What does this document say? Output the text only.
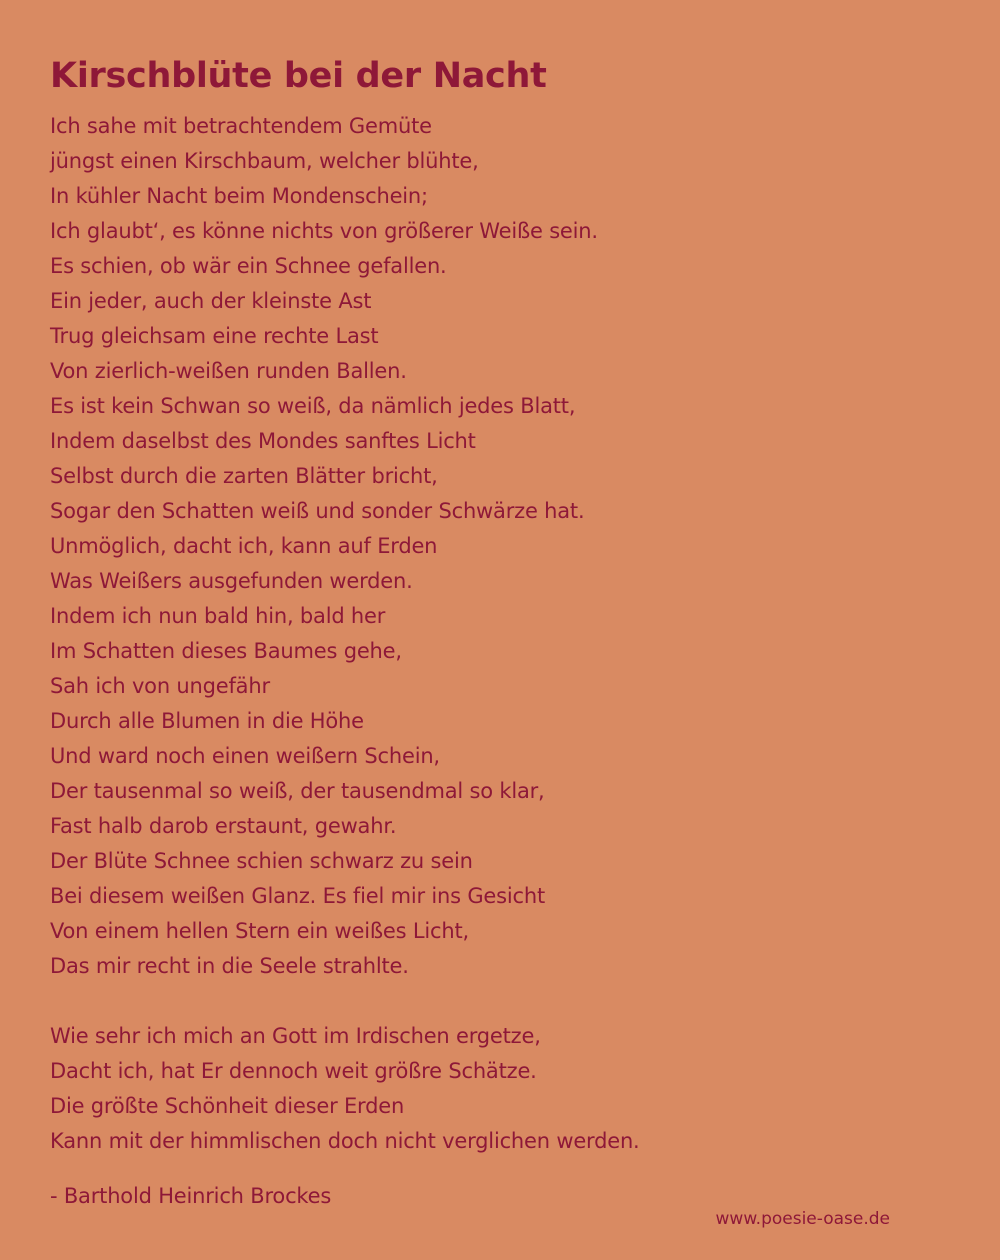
Kirschblüte bei der Nacht
Ich sahe mit betrachtendem Gemüte
jüngst einen Kirschbaum, welcher blühte,
In kühler Nacht beim Mondenschein;
Ich glaubt‘, es könne nichts von größerer Weiße sein.
Es schien, ob wär ein Schnee gefallen.
Ein jeder, auch der kleinste Ast
Trug gleichsam eine rechte Last
Von zierlich-weißen runden Ballen.
Es ist kein Schwan so weiß, da nämlich jedes Blatt,
Indem daselbst des Mondes sanftes Licht
Selbst durch die zarten Blätter bricht,
Sogar den Schatten weiß und sonder Schwärze hat.
Unmöglich, dacht ich, kann auf Erden
Was Weißers ausgefunden werden.
Indem ich nun bald hin, bald her
Im Schatten dieses Baumes gehe,
Sah ich von ungefähr
Durch alle Blumen in die Höhe
Und ward noch einen weißern Schein,
Der tausenmal so weiß, der tausendmal so klar,
Fast halb darob erstaunt, gewahr.
Der Blüte Schnee schien schwarz zu sein
Bei diesem weißen Glanz. Es fiel mir ins Gesicht
Von einem hellen Stern ein weißes Licht,
Das mir recht in die Seele strahlte.
Wie sehr ich mich an Gott im Irdischen ergetze,
Dacht ich, hat Er dennoch weit größre Schätze.
Die größte Schönheit dieser Erden
Kann mit der himmlischen doch nicht verglichen werden.

- Barthold Heinrich Brockes

www.poesie-oase.de
